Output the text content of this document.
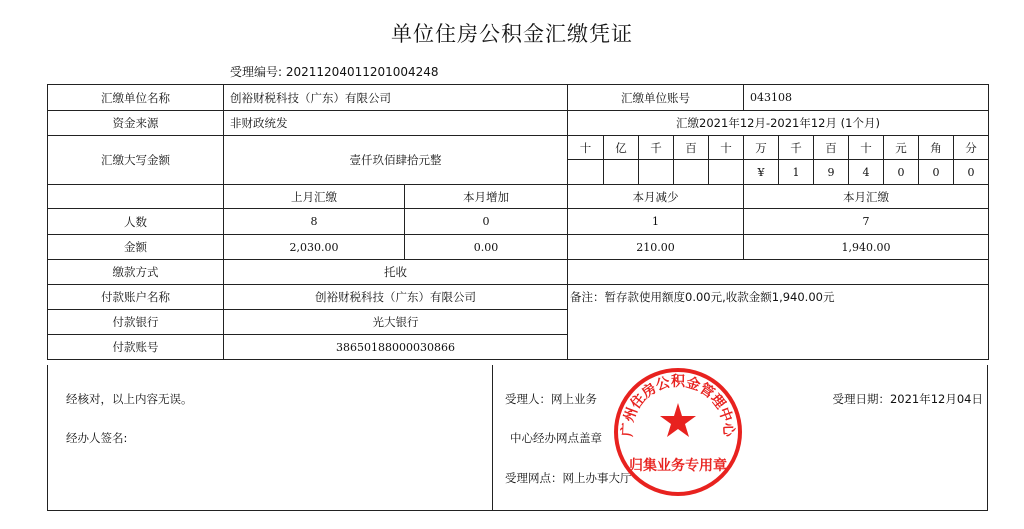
单位住房公积金汇缴凭证
受理编号: 20211204011201004248
汇缴单位名称	创裕财税科技（广东）有限公司		汇缴单位账号					043108						
资金来源	非财政统发		汇缴2021年12月-2021年12月 (1个月)											
汇缴大写金额	壹仟玖佰肆拾元整		十	亿	千	百	十	万	千	百	十	元	角	分
								¥	1	9	4	0	0	0
	上月汇缴	本月增加	本月减少					本月汇缴						
人数	8	0	1					7						
金额	2,030.00	0.00	210.00					1,940.00						
缴款方式	托收													
付款账户名称	创裕财税科技（广东）有限公司		备注：暂存款使用额度0.00元,收款金额1,940.00元											
付款银行	光大银行													
付款账号	38650188000030866													
经核对，以上内容无误。
经办人签名:
受理人：网上业务	受理日期：2021年12月04日
中心经办网点盖章
受理网点：网上办事大厅
广州住房公积金管理中心
归集业务专用章
